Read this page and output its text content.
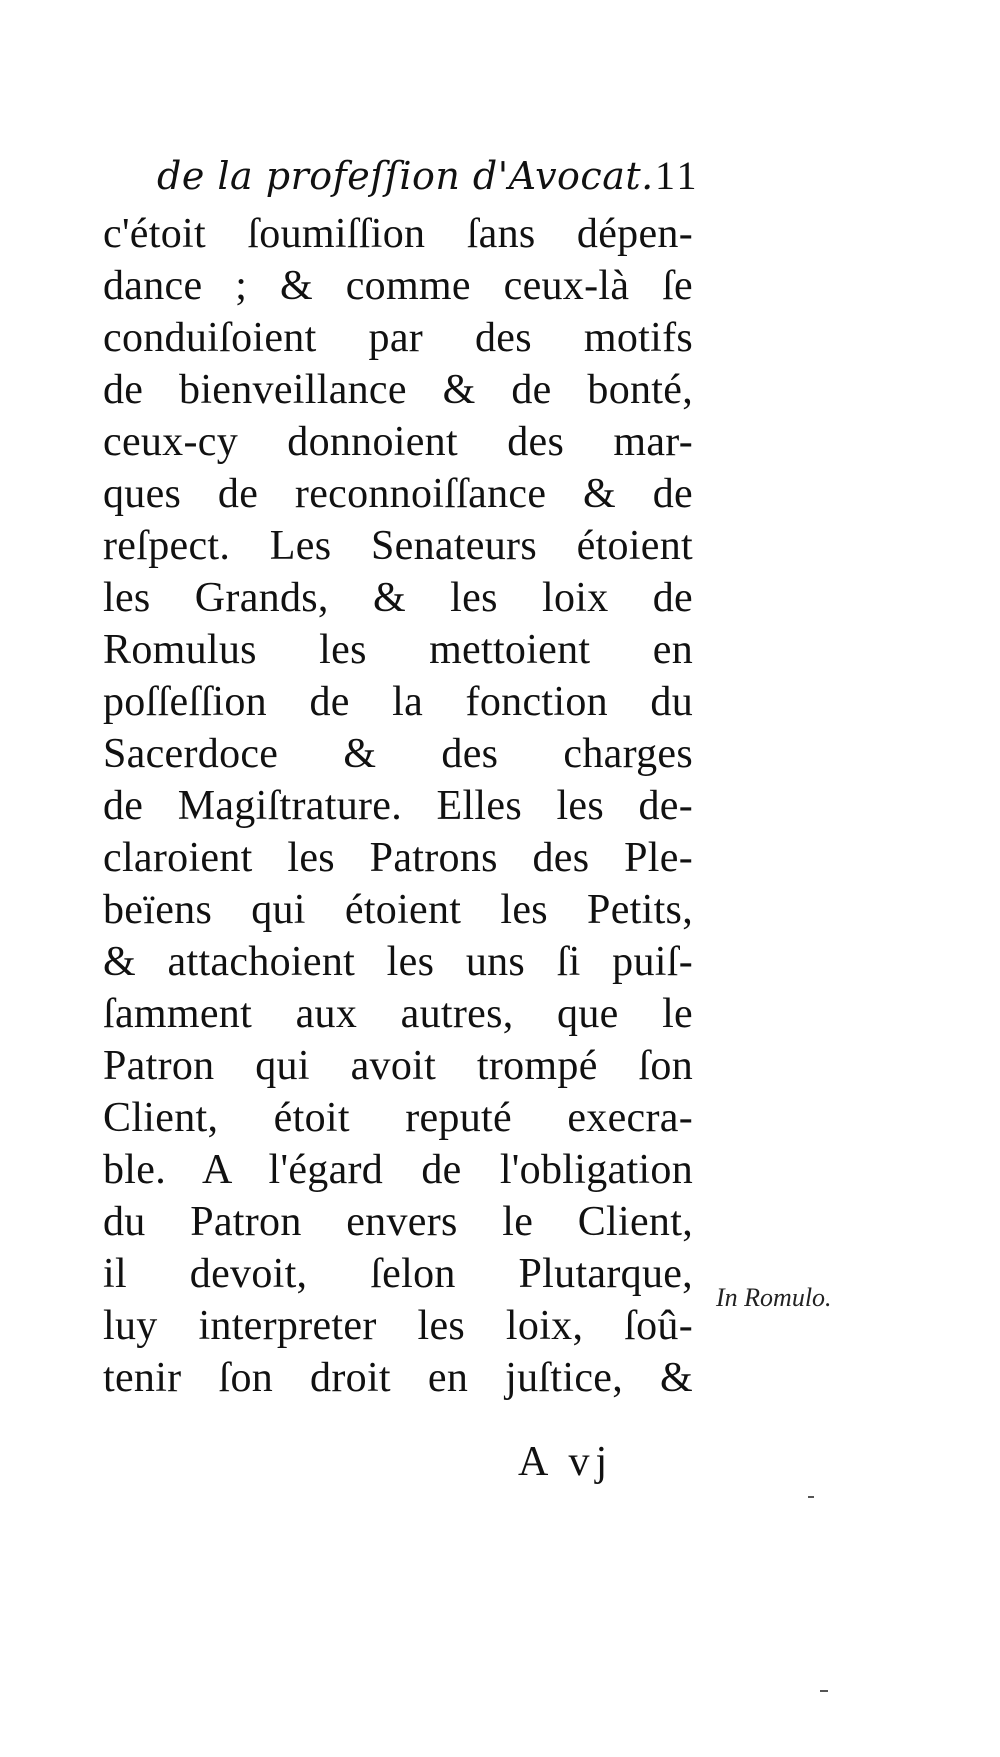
de la profeſſion d'Avocat. 11
c'étoit ſoumiſſion ſans dépen-
dance ; & comme ceux-là ſe
conduiſoient par des motifs
de bienveillance & de bonté,
ceux-cy donnoient des mar-
ques de reconnoiſſance & de
reſpect. Les Senateurs étoient
les Grands, & les loix de
Romulus les mettoient en
poſſeſſion de la fonction du
Sacerdoce & des charges
de Magiſtrature. Elles les de-
claroient les Patrons des Ple-
beïens qui étoient les Petits,
& attachoient les uns ſi puiſ-
ſamment aux autres, que le
Patron qui avoit trompé ſon
Client, étoit reputé execra-
ble. A l'égard de l'obligation
du Patron envers le Client,
il devoit, ſelon Plutarque,
luy interpreter les loix, ſoû-
tenir ſon droit en juſtice, &
In Romulo.
A vj
